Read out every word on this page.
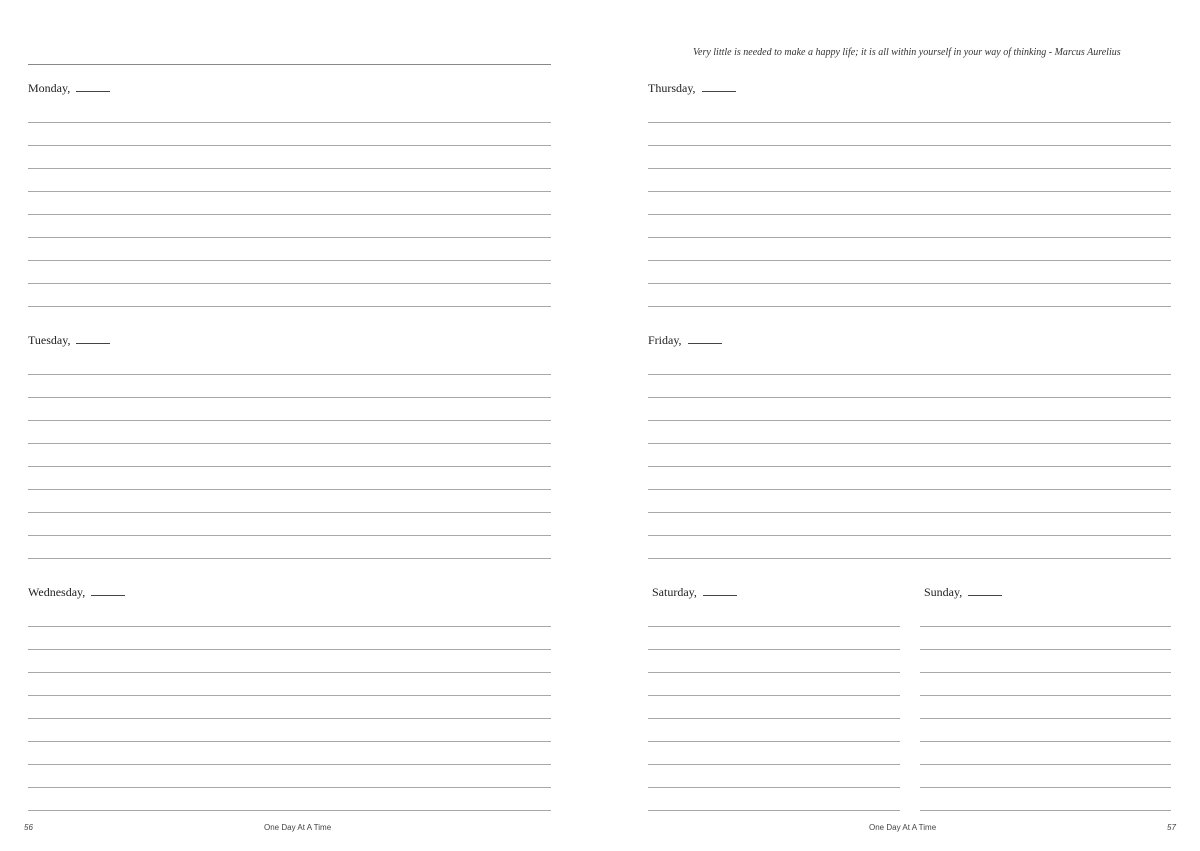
Monday,
Tuesday,
Wednesday,
56	One Day At A Time
Very little is needed to make a happy life; it is all within yourself in your way of thinking - Marcus Aurelius
Thursday,
Friday,
Saturday,	Sunday,
One Day At A Time	57
